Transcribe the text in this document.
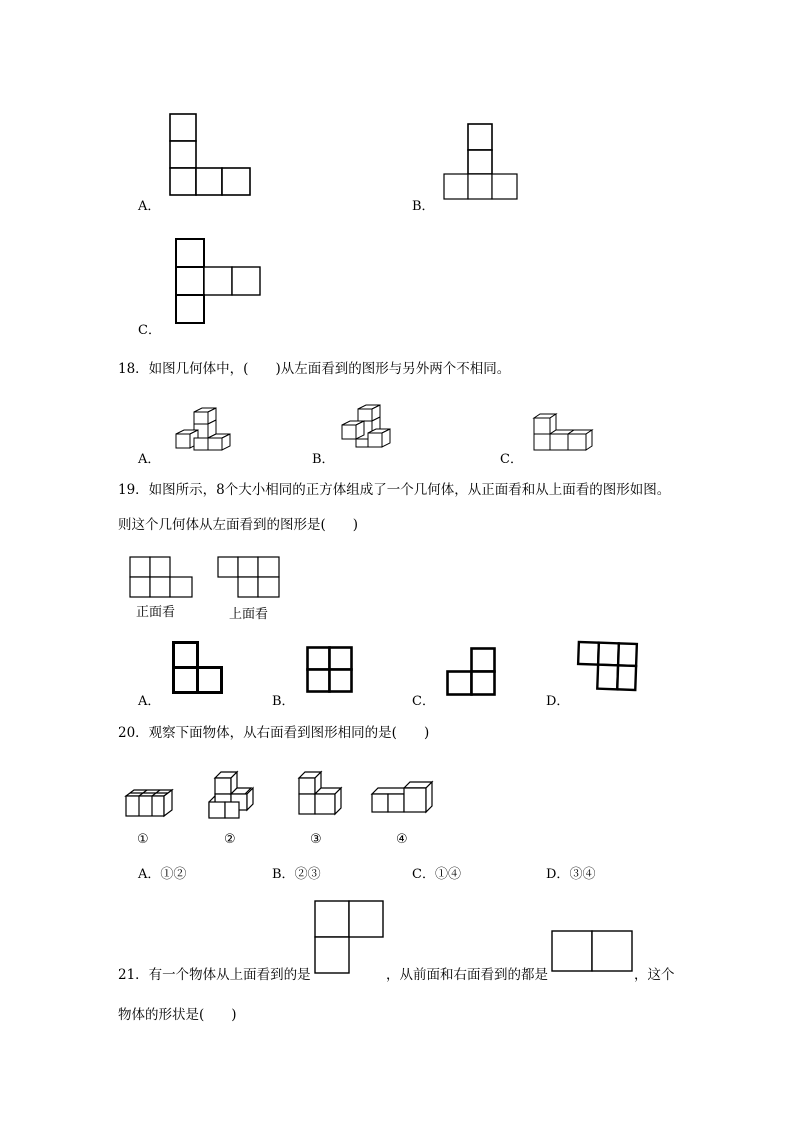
A．	B．
C．
18．如图几何体中，(　　)从左面看到的图形与另外两个不相同。
A．	B．	C．
19．如图所示，8个大小相同的正方体组成了一个几何体，从正面看和从上面看的图形如图。
则这个几何体从左面看到的图形是(　　)
正面看	上面看
A．	B．	C．	D．
20．观察下面物体，从右面看到图形相同的是(　　)
①	②	③	④
A．①②	B．②③	C．①④	D．③④
21．有一个物体从上面看到的是	，从前面和右面看到的都是	，这个
物体的形状是(　　)
